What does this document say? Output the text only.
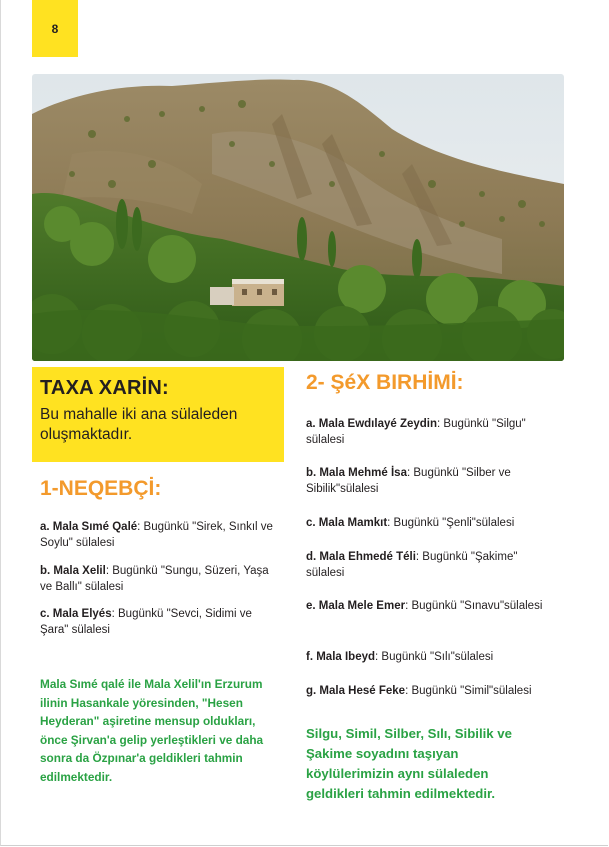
8
TAXA XARİN:
Bu mahalle iki ana sülaleden oluşmaktadır.
1-NEQEBÇİ:
a. Mala Sımé Qalé: Bugünkü "Sirek, Sınkıl ve Soylu" sülalesi
b. Mala Xelil: Bugünkü "Sungu, Süzeri, Yaşa ve Ballı" sülalesi
c. Mala Elyés: Bugünkü "Sevci, Sidimi ve Şara" sülalesi
Mala Sımé qalé ile Mala Xelil'ın Erzurum ilinin Hasankale yöresinden, "Hesen Heyderan" aşiretine mensup oldukları, önce Şirvan'a gelip yerleştikleri ve daha sonra da Özpınar'a geldikleri tahmin edilmektedir.
2- ŞéX BIRHİMİ:
a. Mala Ewdılayé Zeydin: Bugünkü "Silgu" sülalesi
b. Mala Mehmé İsa: Bugünkü "Silber ve Sibilik"sülalesi
c. Mala Mamkıt: Bugünkü "Şenli"sülalesi
d. Mala Ehmedé Téli: Bugünkü "Şakime" sülalesi
e. Mala Mele Emer: Bugünkü "Sınavu"sülalesi
f. Mala Ibeyd: Bugünkü "Sılı"sülalesi
g. Mala Hesé Feke: Bugünkü "Simil"sülalesi
Silgu, Simil, Silber, Sılı, Sibilik ve Şakime soyadını taşıyan köylülerimizin aynı sülaleden geldikleri tahmin edilmektedir.
